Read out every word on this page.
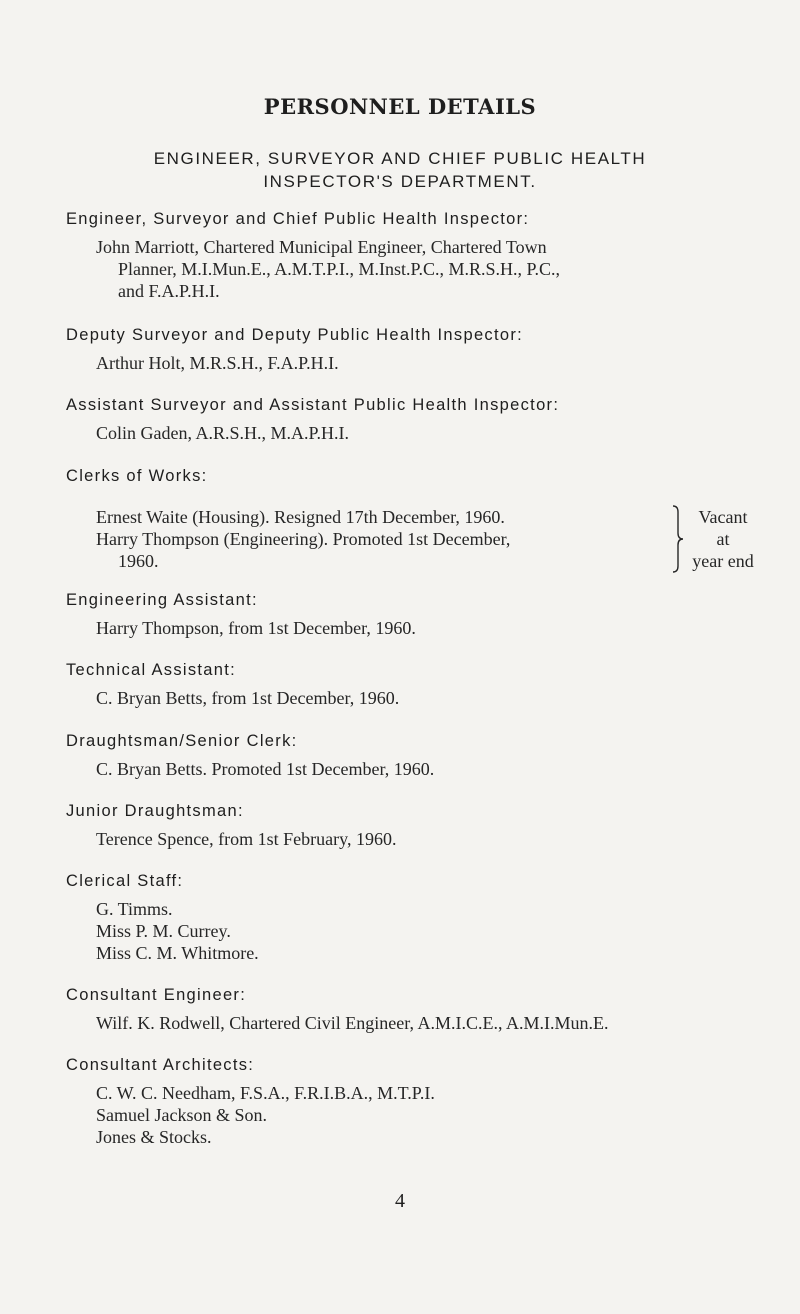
PERSONNEL DETAILS
ENGINEER, SURVEYOR AND CHIEF PUBLIC HEALTH
INSPECTOR'S DEPARTMENT.
Engineer, Surveyor and Chief Public Health Inspector:
John Marriott, Chartered Municipal Engineer, Chartered Town
Planner, M.I.Mun.E., A.M.T.P.I., M.Inst.P.C., M.R.S.H., P.C.,
and F.A.P.H.I.
Deputy Surveyor and Deputy Public Health Inspector:
Arthur Holt, M.R.S.H., F.A.P.H.I.
Assistant Surveyor and Assistant Public Health Inspector:
Colin Gaden, A.R.S.H., M.A.P.H.I.
Clerks of Works:
Ernest Waite (Housing). Resigned 17th December, 1960.
Harry Thompson (Engineering). Promoted 1st December,
1960.
Vacant
at
year end
Engineering Assistant:
Harry Thompson, from 1st December, 1960.
Technical Assistant:
C. Bryan Betts, from 1st December, 1960.
Draughtsman/Senior Clerk:
C. Bryan Betts. Promoted 1st December, 1960.
Junior Draughtsman:
Terence Spence, from 1st February, 1960.
Clerical Staff:
G. Timms.
Miss P. M. Currey.
Miss C. M. Whitmore.
Consultant Engineer:
Wilf. K. Rodwell, Chartered Civil Engineer, A.M.I.C.E., A.M.I.Mun.E.
Consultant Architects:
C. W. C. Needham, F.S.A., F.R.I.B.A., M.T.P.I.
Samuel Jackson & Son.
Jones & Stocks.
4
